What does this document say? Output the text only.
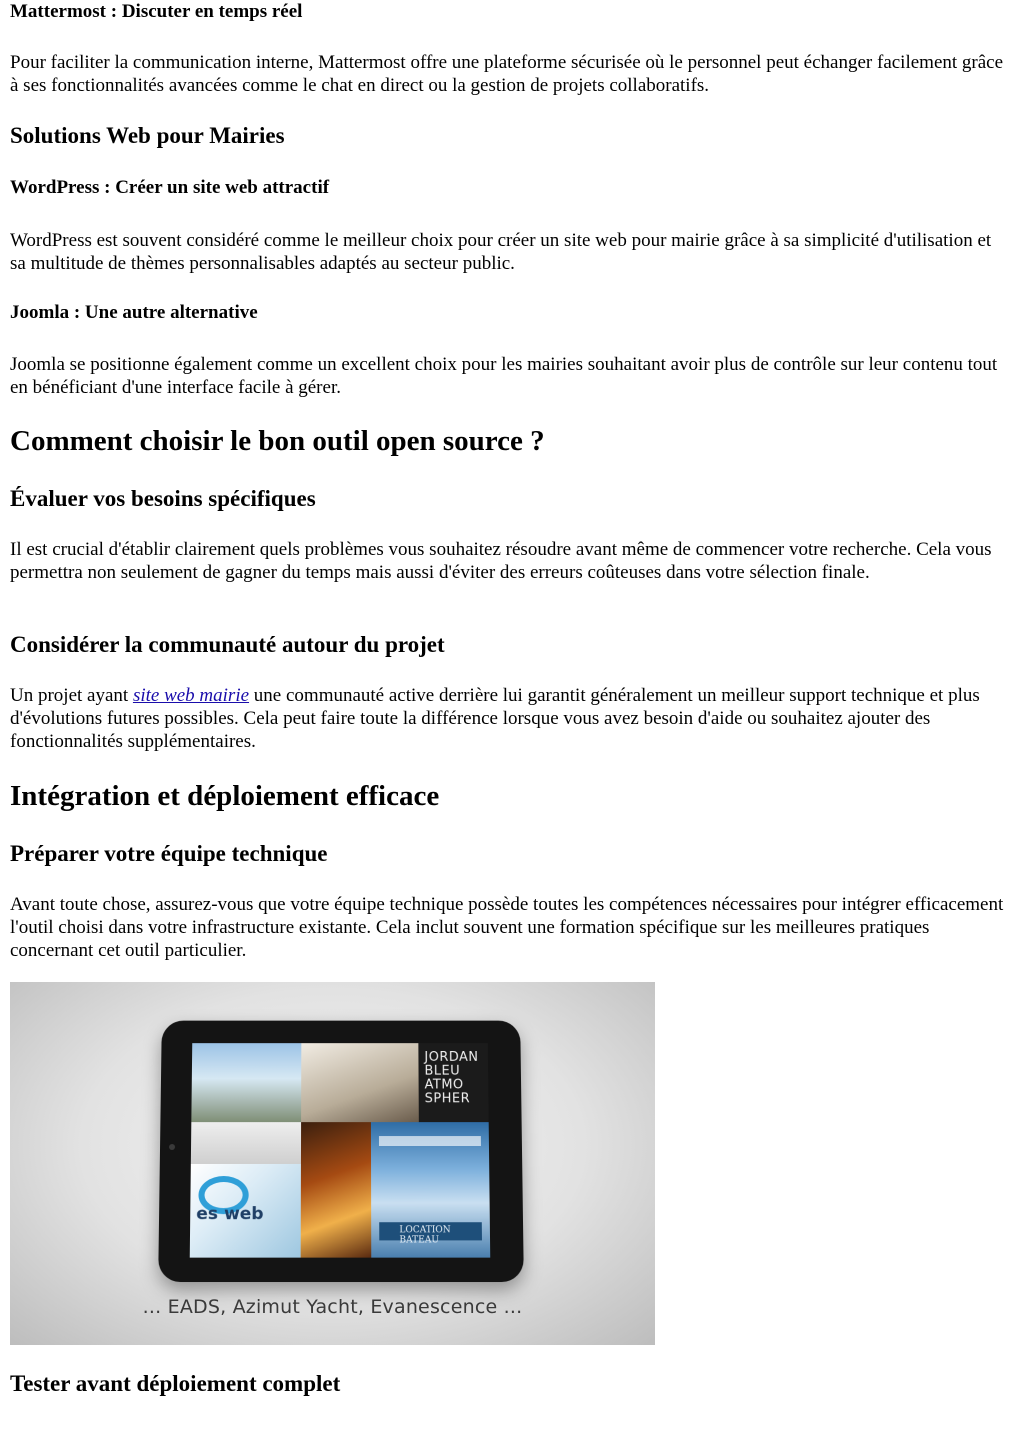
Mattermost : Discuter en temps réel

Pour faciliter la communication interne, Mattermost offre une plateforme sécurisée où le personnel peut échanger facilement grâce à ses fonctionnalités avancées comme le chat en direct ou la gestion de projets collaboratifs.

Solutions Web pour Mairies
WordPress : Créer un site web attractif

WordPress est souvent considéré comme le meilleur choix pour créer un site web pour mairie grâce à sa simplicité d'utilisation et sa multitude de thèmes personnalisables adaptés au secteur public.

Joomla : Une autre alternative

Joomla se positionne également comme un excellent choix pour les mairies souhaitant avoir plus de contrôle sur leur contenu tout en bénéficiant d'une interface facile à gérer.

Comment choisir le bon outil open source ?
Évaluer vos besoins spécifiques

Il est crucial d'établir clairement quels problèmes vous souhaitez résoudre avant même de commencer votre recherche. Cela vous permettra non seulement de gagner du temps mais aussi d'éviter des erreurs coûteuses dans votre sélection finale.

Considérer la communauté autour du projet

Un projet ayant site web mairie une communauté active derrière lui garantit généralement un meilleur support technique et plus d'évolutions futures possibles. Cela peut faire toute la différence lorsque vous avez besoin d'aide ou souhaitez ajouter des fonctionnalités supplémentaires.

Intégration et déploiement efficace
Préparer votre équipe technique

Avant toute chose, assurez-vous que votre équipe technique possède toutes les compétences nécessaires pour intégrer efficacement l'outil choisi dans votre infrastructure existante. Cela inclut souvent une formation spécifique sur les meilleures pratiques concernant cet outil particulier.

JORDAN
BLEU
ATMO
SPHER
es web
LOCATION BATEAU
... EADS, Azimut Yacht, Evanescence ...
Tester avant déploiement complet
